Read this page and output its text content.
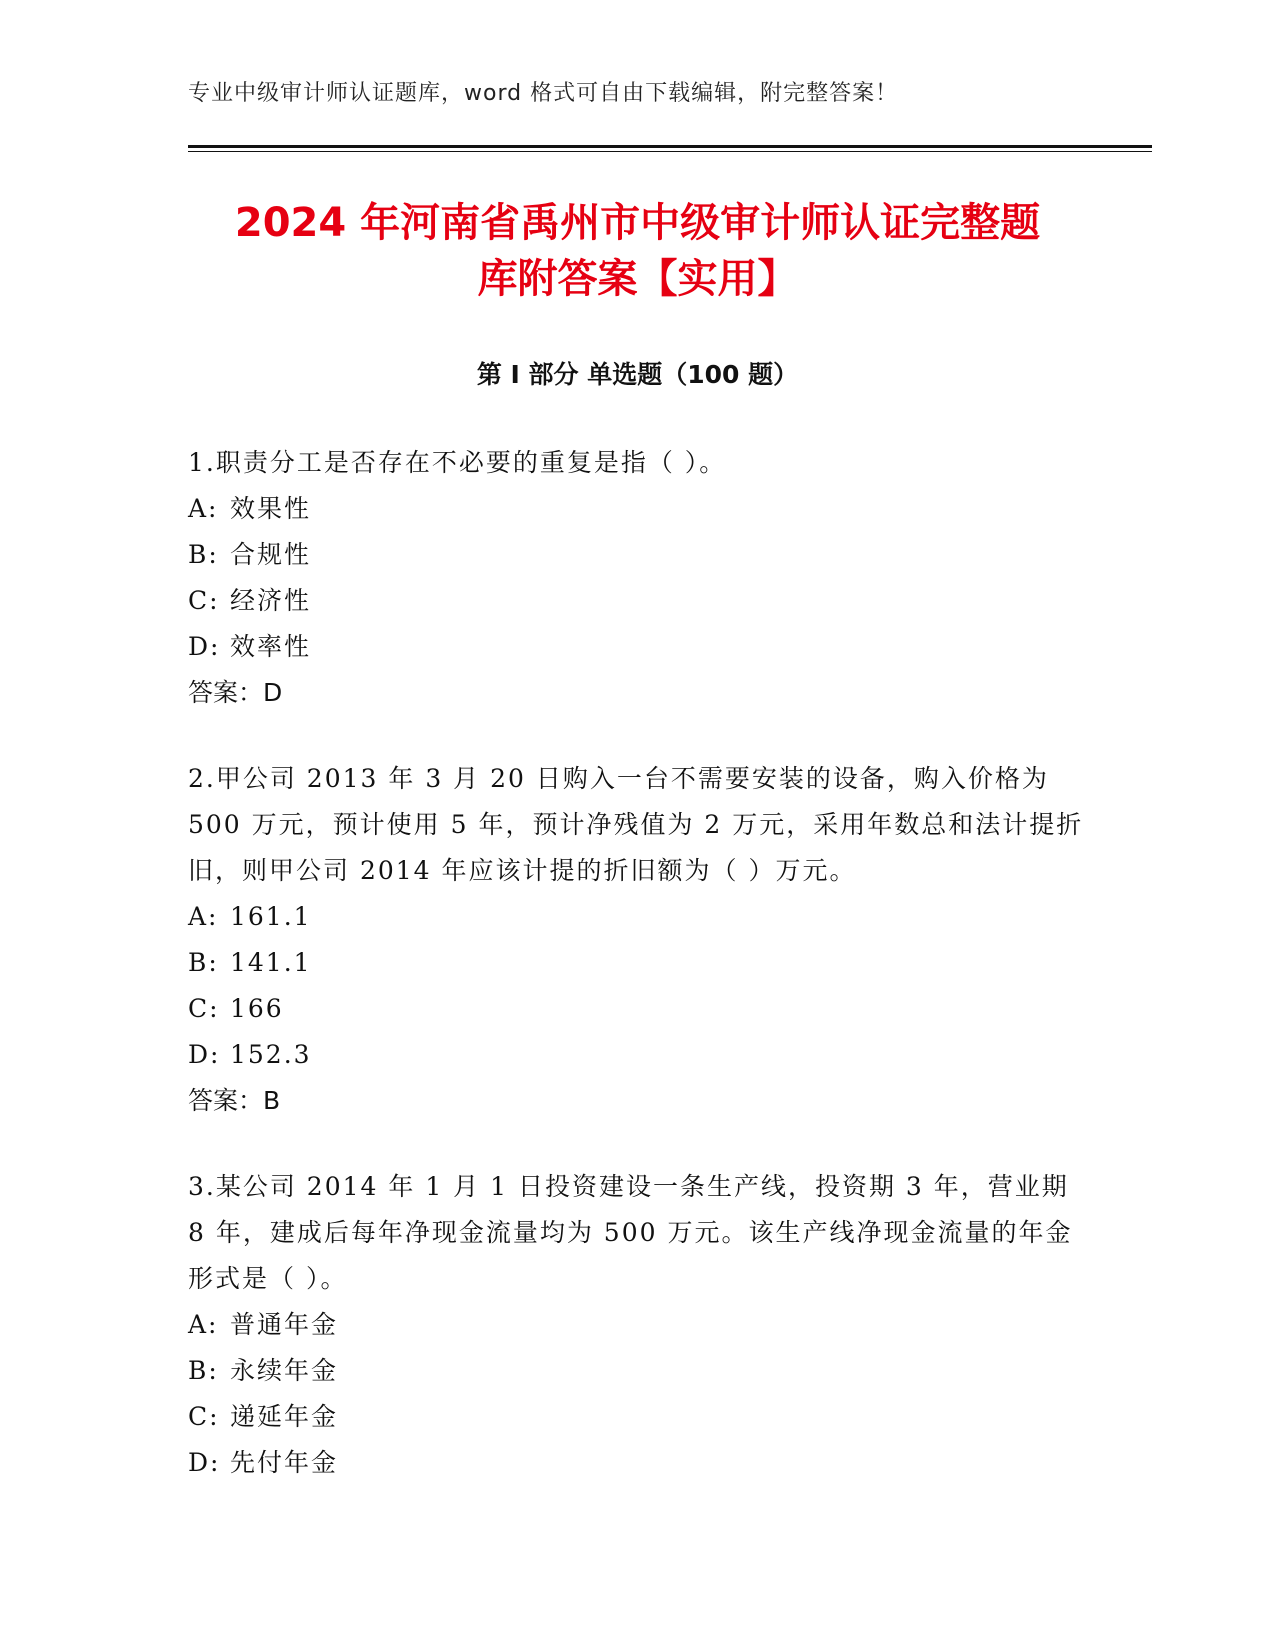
专业中级审计师认证题库，word 格式可自由下载编辑，附完整答案！
2024 年河南省禹州市中级审计师认证完整题
库附答案【实用】
第 I 部分 单选题（100 题）
1.职责分工是否存在不必要的重复是指（ ）。
A: 效果性
B: 合规性
C: 经济性
D: 效率性
答案：D
2.甲公司 2013 年 3 月 20 日购入一台不需要安装的设备，购入价格为 500 万元，预计使用 5 年，预计净残值为 2 万元，采用年数总和法计提折旧，则甲公司 2014 年应该计提的折旧额为（ ）万元。
A: 161.1
B: 141.1
C: 166
D: 152.3
答案：B
3.某公司 2014 年 1 月 1 日投资建设一条生产线，投资期 3 年，营业期 8 年，建成后每年净现金流量均为 500 万元。该生产线净现金流量的年金形式是（ ）。
A: 普通年金
B: 永续年金
C: 递延年金
D: 先付年金
